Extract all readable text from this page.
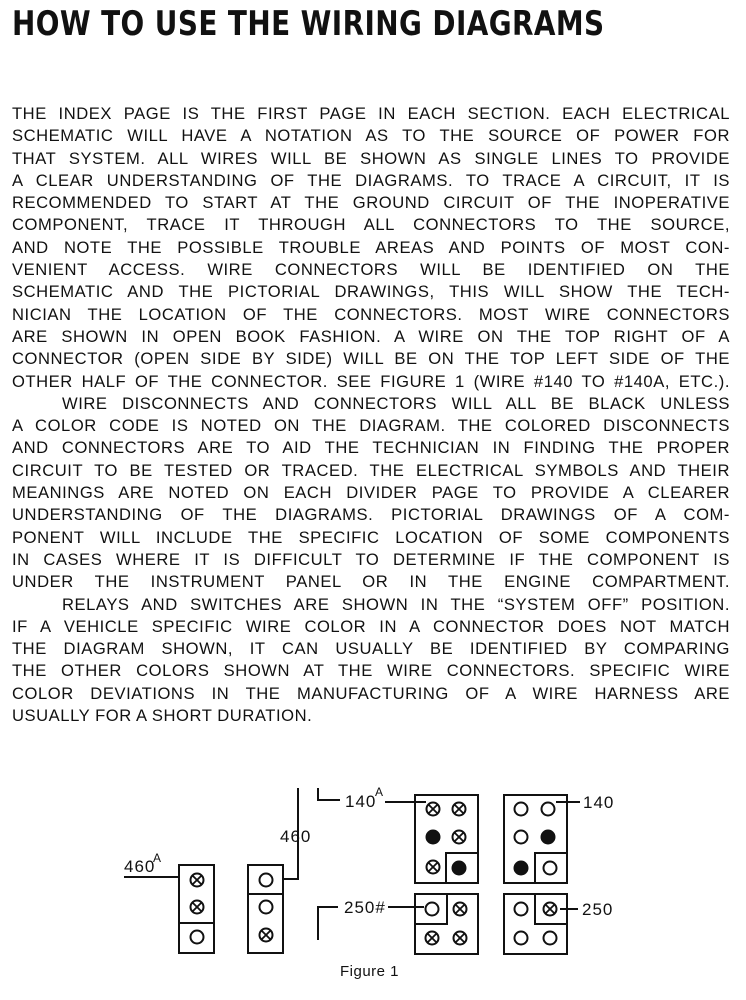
HOW TO USE THE WIRING DIAGRAMS
THE INDEX PAGE IS THE FIRST PAGE IN EACH SECTION. EACH ELECTRICAL
SCHEMATIC WILL HAVE A NOTATION AS TO THE SOURCE OF POWER FOR
THAT SYSTEM. ALL WIRES WILL BE SHOWN AS SINGLE LINES TO PROVIDE
A CLEAR UNDERSTANDING OF THE DIAGRAMS. TO TRACE A CIRCUIT, IT IS
RECOMMENDED TO START AT THE GROUND CIRCUIT OF THE INOPERATIVE
COMPONENT, TRACE IT THROUGH ALL CONNECTORS TO THE SOURCE,
AND NOTE THE POSSIBLE TROUBLE AREAS AND POINTS OF MOST CON-
VENIENT ACCESS. WIRE CONNECTORS WILL BE IDENTIFIED ON THE
SCHEMATIC AND THE PICTORIAL DRAWINGS, THIS WILL SHOW THE TECH-
NICIAN THE LOCATION OF THE CONNECTORS. MOST WIRE CONNECTORS
ARE SHOWN IN OPEN BOOK FASHION. A WIRE ON THE TOP RIGHT OF A
CONNECTOR (OPEN SIDE BY SIDE) WILL BE ON THE TOP LEFT SIDE OF THE
OTHER HALF OF THE CONNECTOR. SEE FIGURE 1 (WIRE #140 TO #140A, ETC.).
WIRE DISCONNECTS AND CONNECTORS WILL ALL BE BLACK UNLESS
A COLOR CODE IS NOTED ON THE DIAGRAM. THE COLORED DISCONNECTS
AND CONNECTORS ARE TO AID THE TECHNICIAN IN FINDING THE PROPER
CIRCUIT TO BE TESTED OR TRACED. THE ELECTRICAL SYMBOLS AND THEIR
MEANINGS ARE NOTED ON EACH DIVIDER PAGE TO PROVIDE A CLEARER
UNDERSTANDING OF THE DIAGRAMS. PICTORIAL DRAWINGS OF A COM-
PONENT WILL INCLUDE THE SPECIFIC LOCATION OF SOME COMPONENTS
IN CASES WHERE IT IS DIFFICULT TO DETERMINE IF THE COMPONENT IS
UNDER THE INSTRUMENT PANEL OR IN THE ENGINE COMPARTMENT.
RELAYS AND SWITCHES ARE SHOWN IN THE “SYSTEM OFF” POSITION.
IF A VEHICLE SPECIFIC WIRE COLOR IN A CONNECTOR DOES NOT MATCH
THE DIAGRAM SHOWN, IT CAN USUALLY BE IDENTIFIED BY COMPARING
THE OTHER COLORS SHOWN AT THE WIRE CONNECTORS. SPECIFIC WIRE
COLOR DEVIATIONS IN THE MANUFACTURING OF A WIRE HARNESS ARE
USUALLY FOR A SHORT DURATION.
460
A
460
140
A
140
250#	250
Figure 1
